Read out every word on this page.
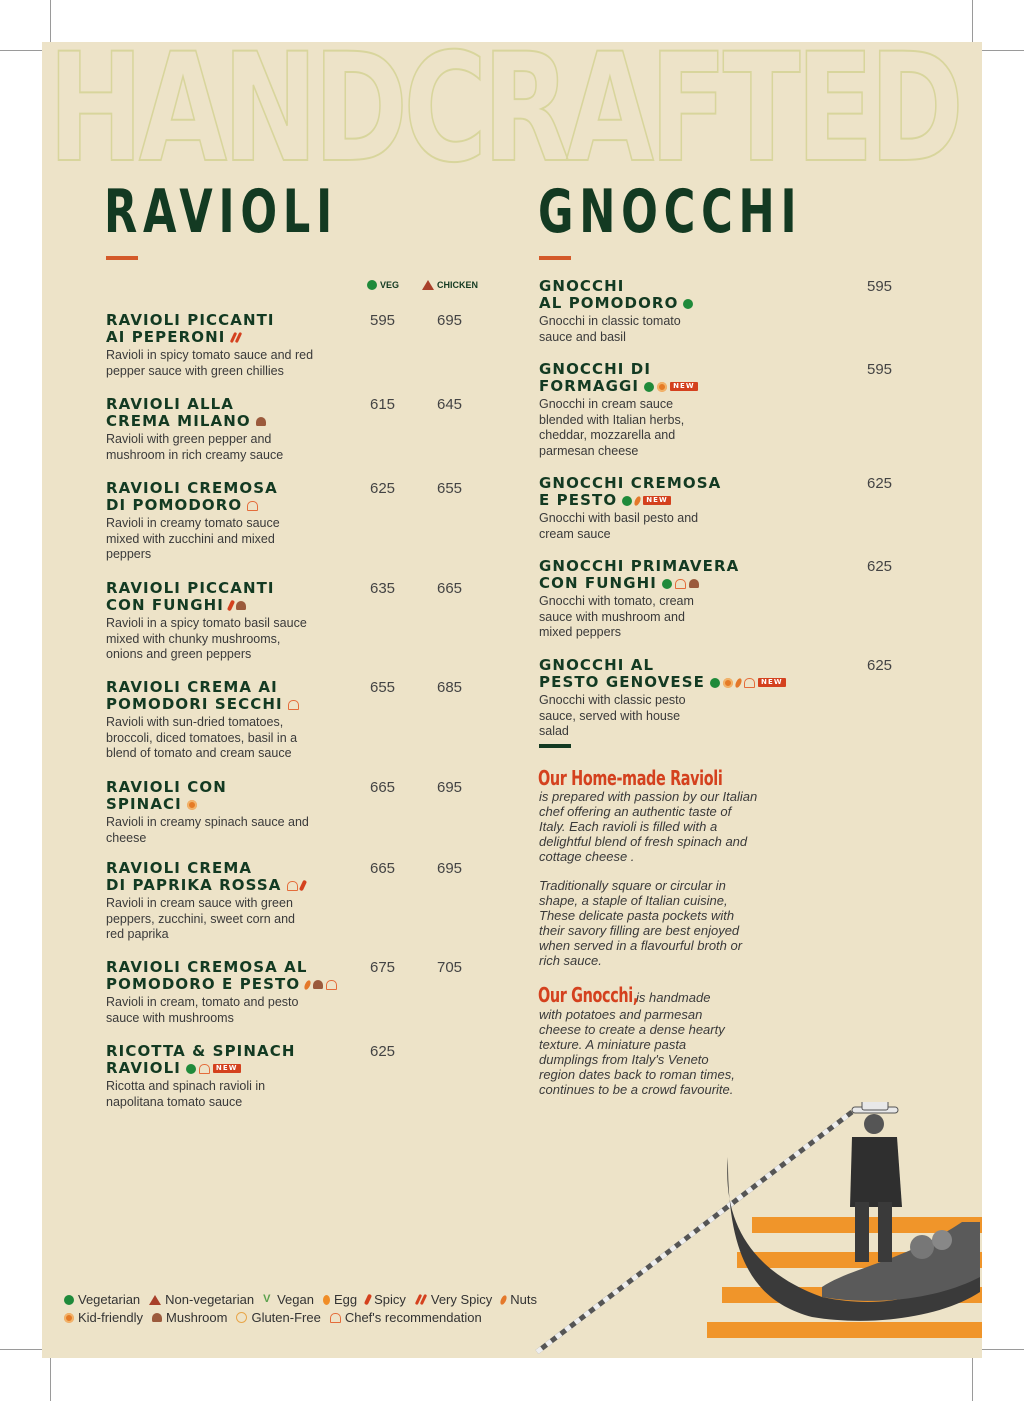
HANDCRAFTED
RAVIOLI	GNOCCHI
VEG	CHICKEN
RAVIOLI PICCANTI
AI PEPERONI
Ravioli in spicy tomato sauce and red pepper sauce with green chillies
595	695
RAVIOLI ALLA
CREMA MILANO
Ravioli with green pepper and mushroom in rich creamy sauce
615	645
RAVIOLI CREMOSA
DI POMODORO
Ravioli in creamy tomato sauce mixed with zucchini and mixed peppers
625	655
RAVIOLI PICCANTI
CON FUNGHI
Ravioli in a spicy tomato basil sauce mixed with chunky mushrooms, onions and green peppers
635	665
RAVIOLI CREMA AI
POMODORI SECCHI
Ravioli with sun-dried tomatoes, broccoli, diced tomatoes, basil in a blend of tomato and cream sauce
655	685
RAVIOLI CON
SPINACI
Ravioli in creamy spinach sauce and cheese
665	695
RAVIOLI CREMA
DI PAPRIKA ROSSA
Ravioli in cream sauce with green peppers, zucchini, sweet corn and red paprika
665	695
RAVIOLI CREMOSA AL
POMODORO E PESTO
Ravioli in cream, tomato and pesto sauce with mushrooms
675	705
RICOTTA & SPINACH
RAVIOLI	NEW
Ricotta and spinach ravioli in napolitana tomato sauce
625
GNOCCHI
AL POMODORO
Gnocchi in classic tomato sauce and basil
595
GNOCCHI DI
FORMAGGI	NEW
Gnocchi in cream sauce blended with Italian herbs, cheddar, mozzarella and parmesan cheese
595
GNOCCHI CREMOSA
E PESTO	NEW
Gnocchi with basil pesto and cream sauce
625
GNOCCHI PRIMAVERA
CON FUNGHI
Gnocchi with tomato, cream sauce with mushroom and mixed peppers
625
GNOCCHI AL
PESTO GENOVESE	NEW
Gnocchi with classic pesto sauce, served with house salad
625
Our Home-made Ravioli
is prepared with passion by our Italian chef offering an authentic taste of Italy. Each ravioli is filled with a delightful blend of fresh spinach and cottage cheese .
Traditionally square or circular in shape, a staple of Italian cuisine, These delicate pasta pockets with their savory filling are best enjoyed when served in a flavourful broth or rich sauce.
Our Gnocchi,is handmade
with potatoes and parmesan cheese to create a dense hearty texture. A miniature pasta dumplings from Italy's Veneto region dates back to roman times, continues to be a crowd favourite.
Vegetarian Non-vegetarian V Vegan Egg Spicy Very Spicy Nuts
Kid-friendly Mushroom Gluten-Free Chef's recommendation
